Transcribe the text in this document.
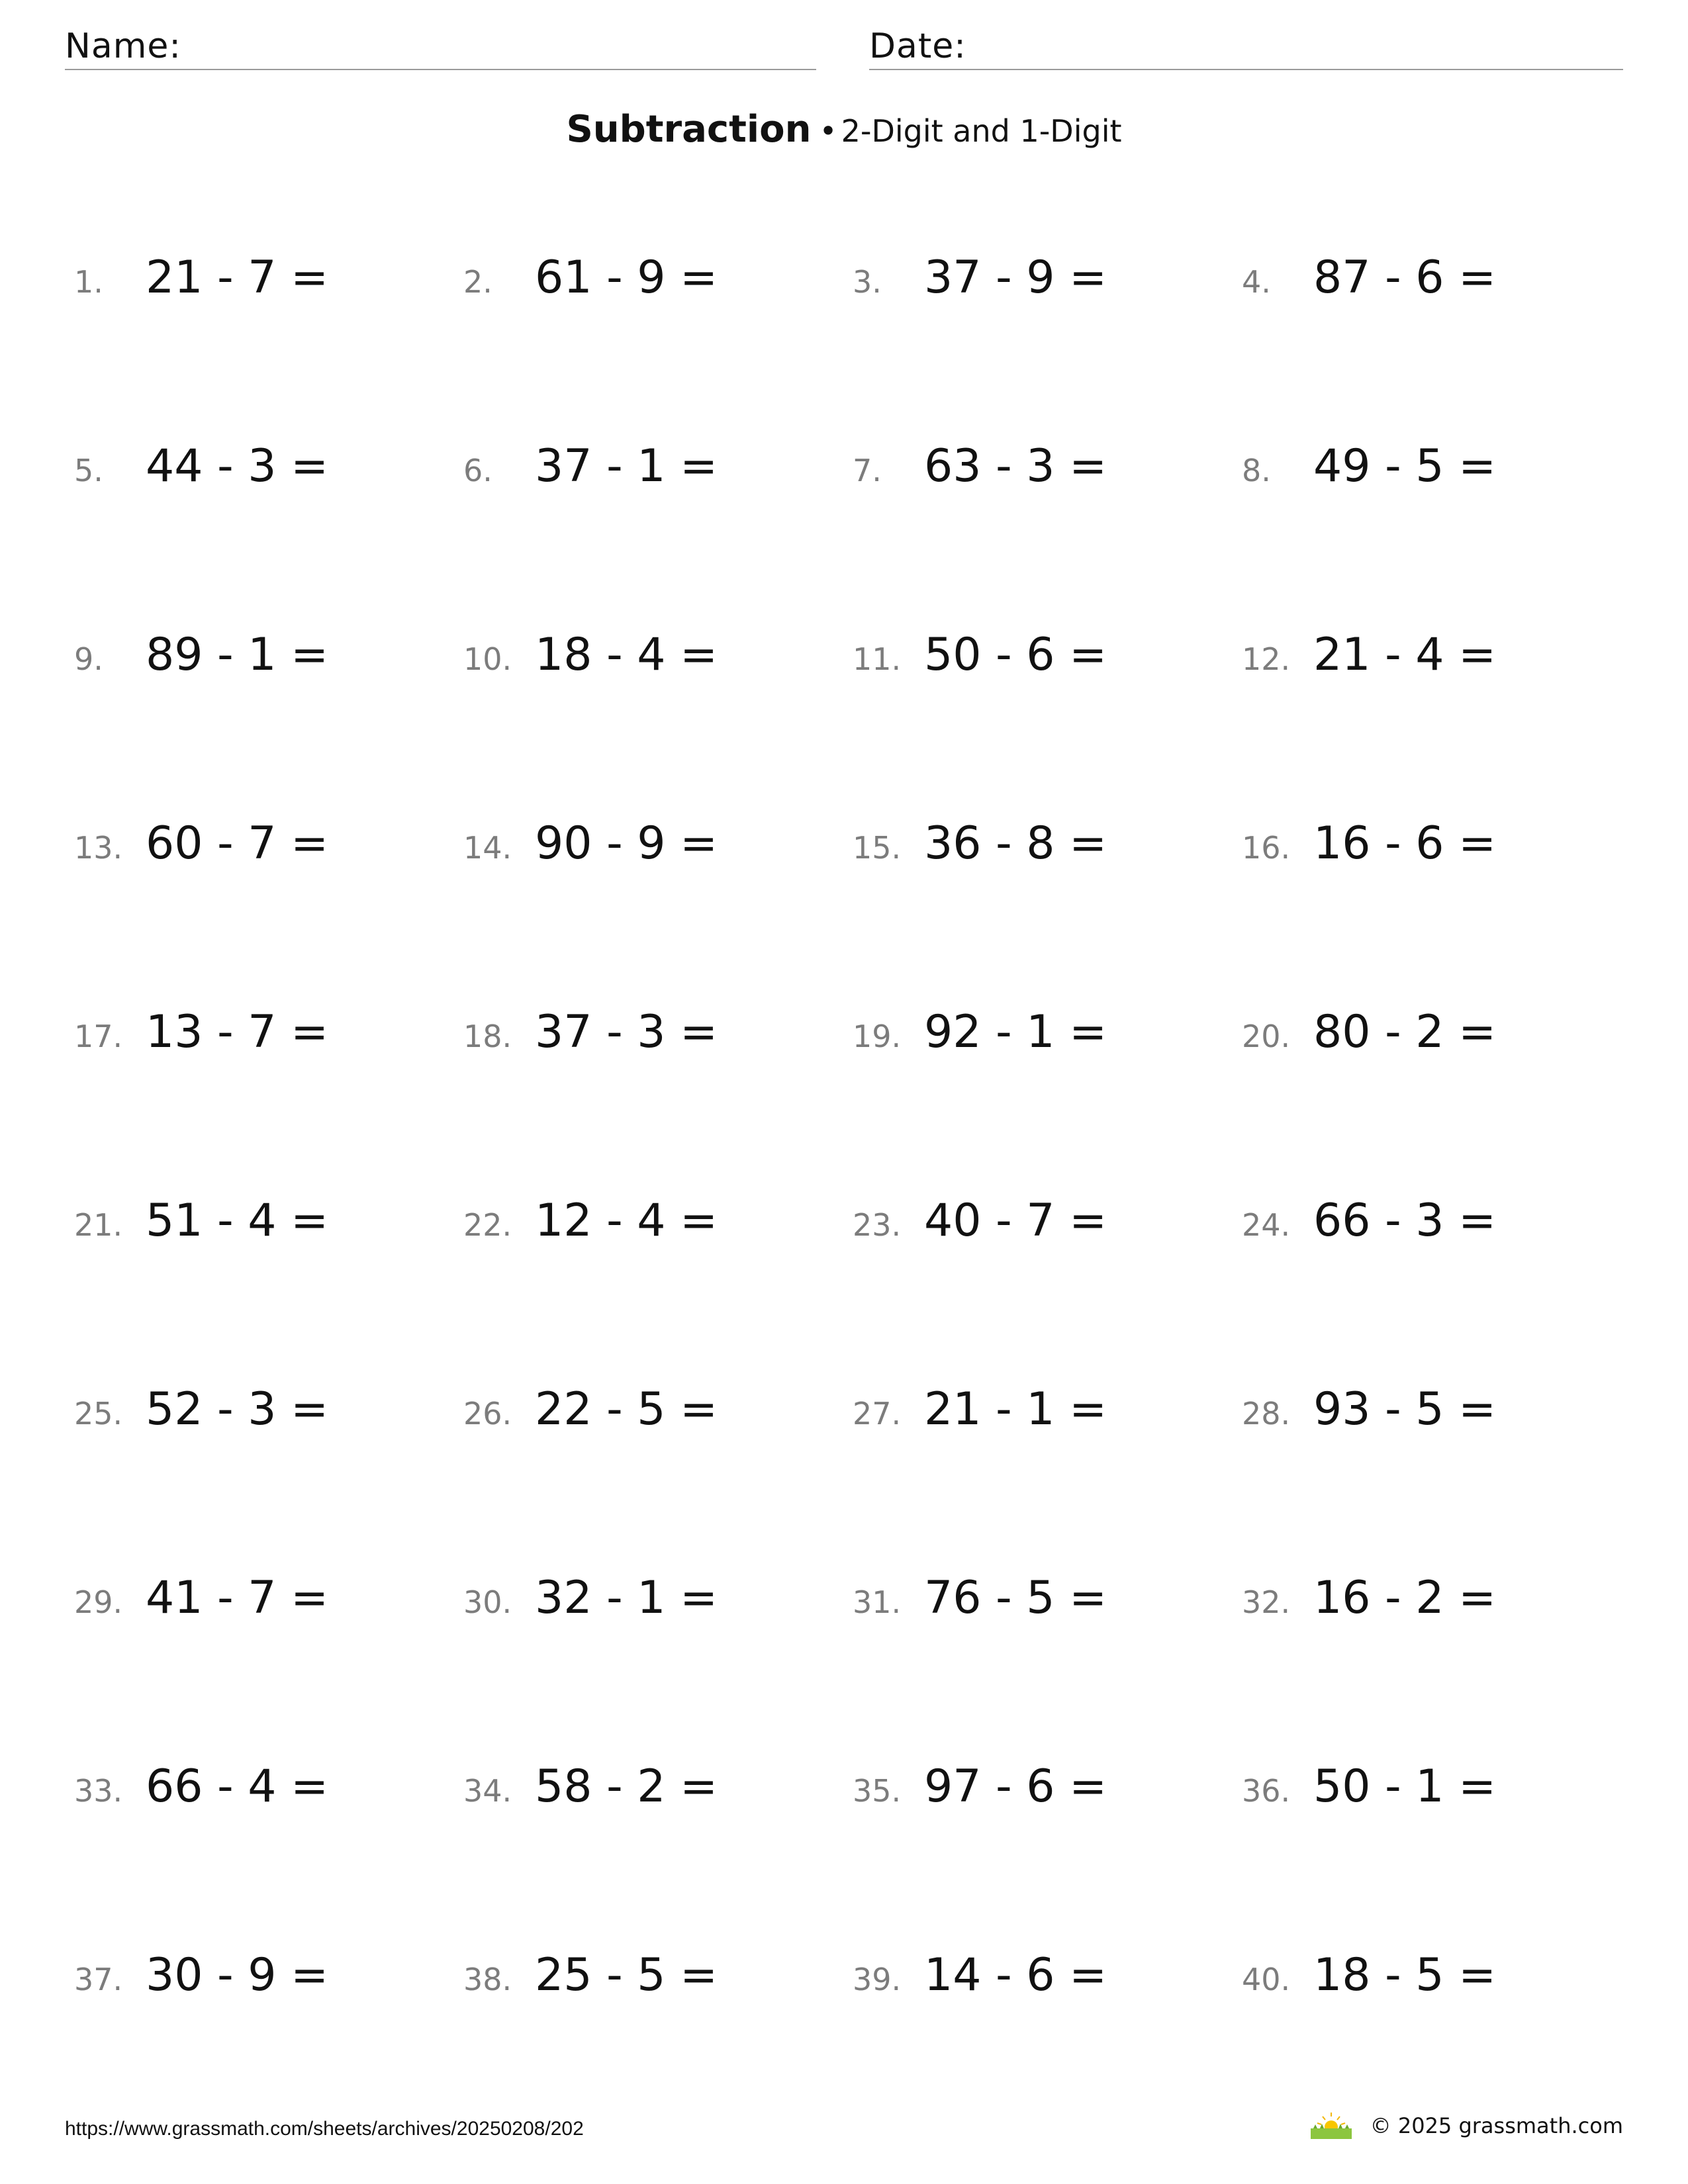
Name:	Date:
Subtraction • 2-Digit and 1-Digit
1. 21 - 7 =	2. 61 - 9 =	3. 37 - 9 =	4. 87 - 6 =
5. 44 - 3 =	6. 37 - 1 =	7. 63 - 3 =	8. 49 - 5 =
9. 89 - 1 =	10. 18 - 4 =	11. 50 - 6 =	12. 21 - 4 =
13. 60 - 7 =	14. 90 - 9 =	15. 36 - 8 =	16. 16 - 6 =
17. 13 - 7 =	18. 37 - 3 =	19. 92 - 1 =	20. 80 - 2 =
21. 51 - 4 =	22. 12 - 4 =	23. 40 - 7 =	24. 66 - 3 =
25. 52 - 3 =	26. 22 - 5 =	27. 21 - 1 =	28. 93 - 5 =
29. 41 - 7 =	30. 32 - 1 =	31. 76 - 5 =	32. 16 - 2 =
33. 66 - 4 =	34. 58 - 2 =	35. 97 - 6 =	36. 50 - 1 =
37. 30 - 9 =	38. 25 - 5 =	39. 14 - 6 =	40. 18 - 5 =
https://www.grassmath.com/sheets/archives/20250208/202	© 2025 grassmath.com
